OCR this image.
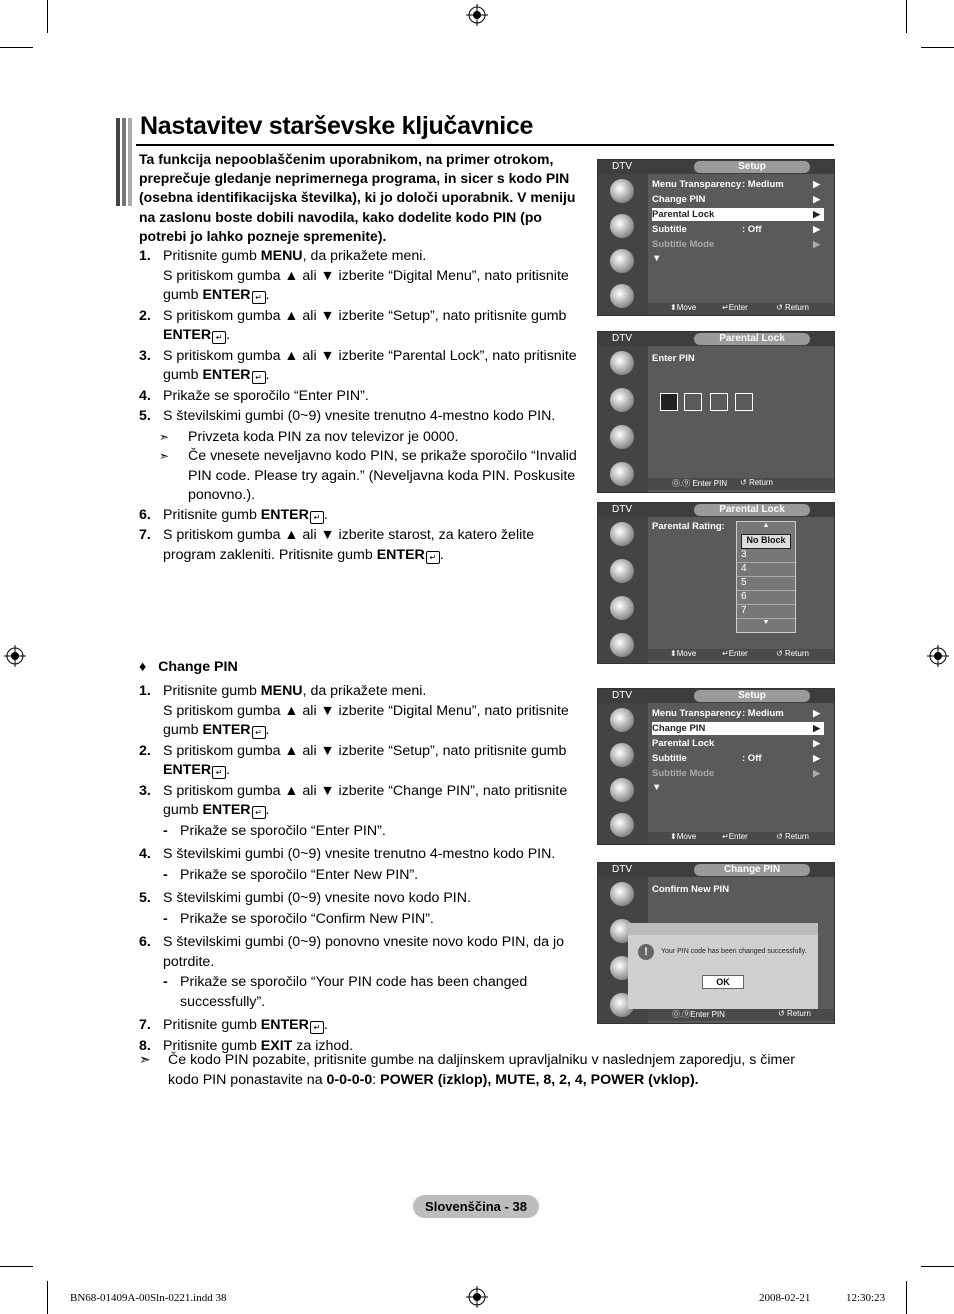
Nastavitev starševske ključavnice
Ta funkcija nepooblaščenim uporabnikom, na primer otrokom, preprečuje gledanje neprimernega programa, in sicer s kodo PIN (osebna identifikacijska številka), ki jo določi uporabnik. V meniju na zaslonu boste dobili navodila, kako dodelite kodo PIN (po potrebi jo lahko pozneje spremenite).
1. Pritisnite gumb MENU, da prikažete meni.
S pritiskom gumba ▲ ali ▼ izberite “Digital Menu”, nato pritisnite gumb ENTER ↵ .
2. S pritiskom gumba ▲ ali ▼ izberite “Setup”, nato pritisnite gumb ENTER ↵ .
3. S pritiskom gumba ▲ ali ▼ izberite “Parental Lock”, nato pritisnite gumb ENTER ↵ .
4. Prikaže se sporočilo “Enter PIN”.
5. S številskimi gumbi (0~9) vnesite trenutno 4-mestno kodo PIN.
➣ Privzeta koda PIN za nov televizor je 0000.
➣ Če vnesete neveljavno kodo PIN, se prikaže sporočilo “Invalid PIN code. Please try again.” (Neveljavna koda PIN. Poskusite ponovno.).
6. Pritisnite gumb ENTER ↵ .
7. S pritiskom gumba ▲ ali ▼ izberite starost, za katero želite program zakleniti. Pritisnite gumb ENTER ↵ .
♦ Change PIN
1. Pritisnite gumb MENU, da prikažete meni.
S pritiskom gumba ▲ ali ▼ izberite “Digital Menu”, nato pritisnite gumb ENTER ↵ .
2. S pritiskom gumba ▲ ali ▼ izberite “Setup”, nato pritisnite gumb ENTER ↵ .
3. S pritiskom gumba ▲ ali ▼ izberite “Change PIN”, nato pritisnite gumb ENTER ↵ .
- Prikaže se sporočilo “Enter PIN”.
4. S številskimi gumbi (0~9) vnesite trenutno 4-mestno kodo PIN.
- Prikaže se sporočilo “Enter New PIN”.
5. S številskimi gumbi (0~9) vnesite novo kodo PIN.
- Prikaže se sporočilo “Confirm New PIN”.
6. S številskimi gumbi (0~9) ponovno vnesite novo kodo PIN, da jo potrdite.
- Prikaže se sporočilo “Your PIN code has been changed successfully”.
7. Pritisnite gumb ENTER ↵ .
8. Pritisnite gumb EXIT za izhod.
➣ Če kodo PIN pozabite, pritisnite gumbe na daljinskem upravljalniku v naslednjem zaporedju, s čimer kodo PIN ponastavite na 0-0-0-0: POWER (izklop), MUTE, 8, 2, 4, POWER (vklop).
DTV	Setup
Menu Transparency : Medium	▶
Change PIN	▶
Parental Lock	▶
Subtitle	: Off	▶
Subtitle Mode	▶
▼
⬍Move	↵Enter	↺ Return
DTV	Parental Lock
Enter PIN
⓪.⑨ Enter PIN ↺ Return
DTV	Parental Lock
Parental Rating:	▲
No Block
3
4
5
6
7
▼
⬍Move	↵Enter	↺ Return
DTV	Setup
Menu Transparency : Medium	▶
Change PIN	▶
Parental Lock	▶
Subtitle	: Off	▶
Subtitle Mode	▶
▼
⬍Move	↵Enter	↺ Return
DTV	Change PIN
Confirm New PIN
!	Your PIN code has been changed successfully.
OK
⓪.⑨Enter PIN	↺ Return
Slovenščina - 38
BN68-01409A-00Sln-0221.indd 38	2008-02-21	12:30:23
